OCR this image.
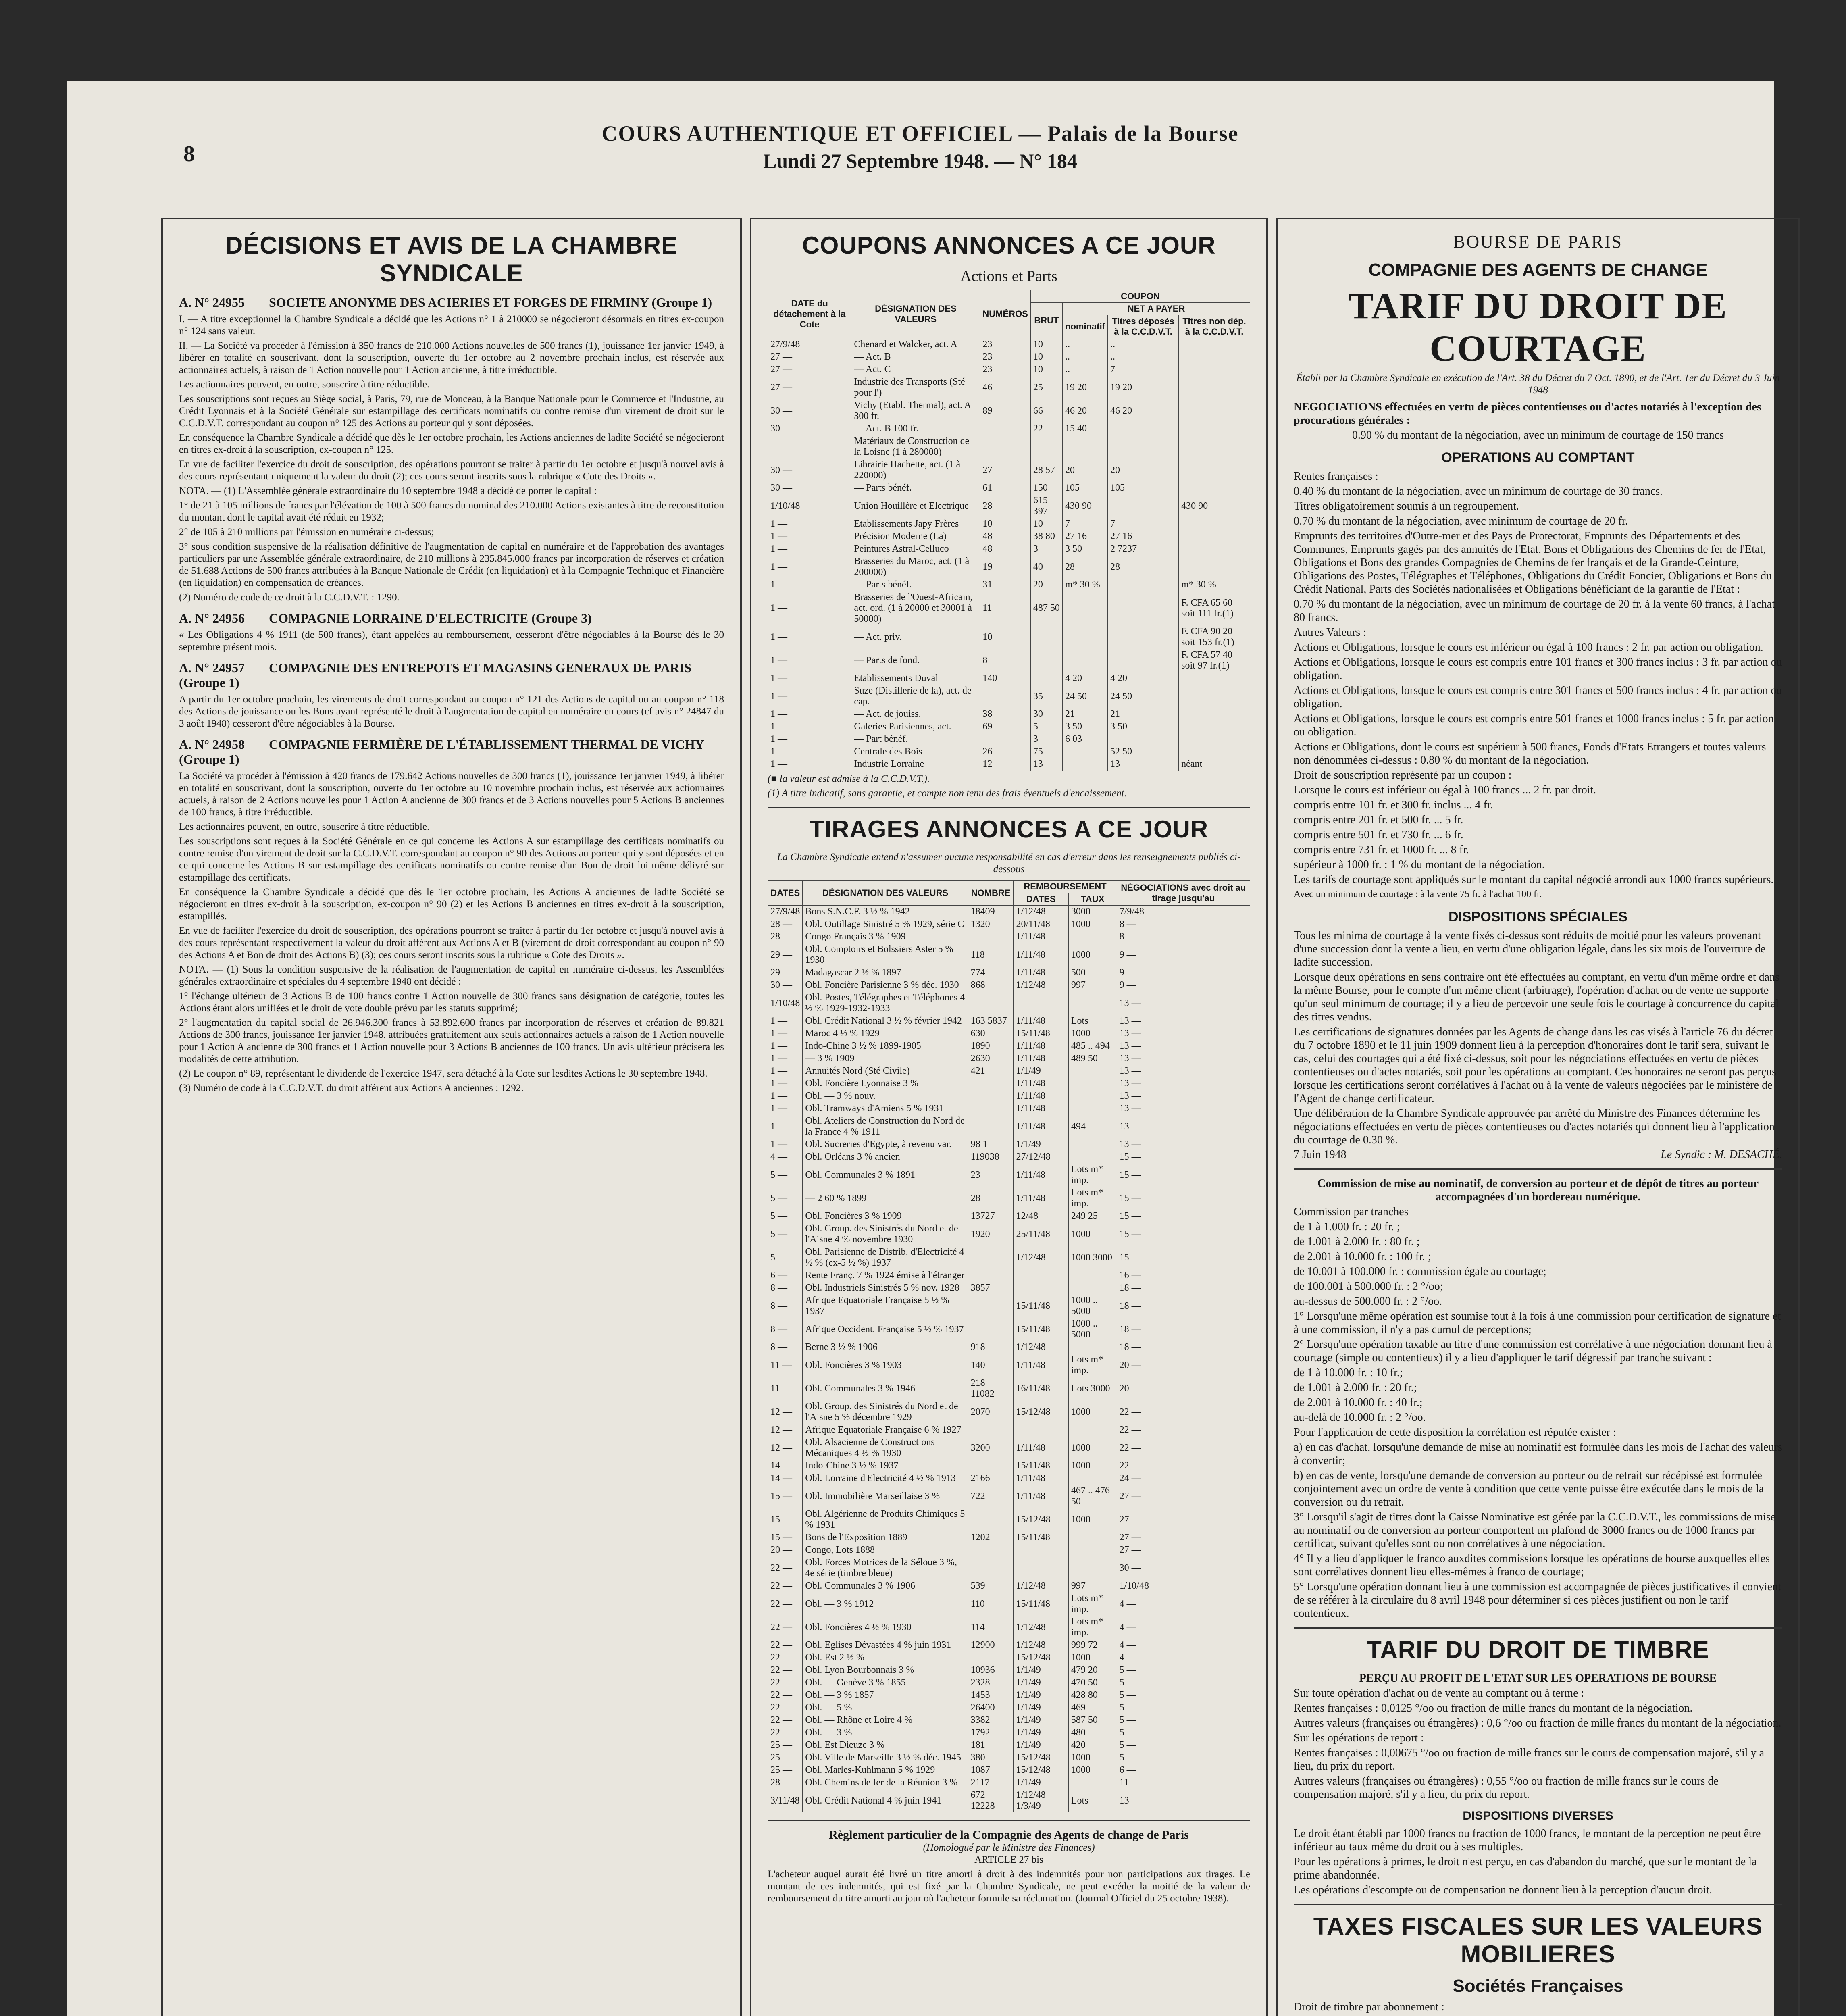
8
COURS AUTHENTIQUE ET OFFICIEL — Palais de la Bourse
Lundi 27 Septembre 1948. — N° 184
DÉCISIONS ET AVIS DE LA CHAMBRE SYNDICALE
A. N° 24955 SOCIETE ANONYME DES ACIERIES ET FORGES DE FIRMINY (Groupe 1)

I. — A titre exceptionnel la Chambre Syndicale a décidé que les Actions n° 1 à 210000 se négocieront désormais en titres ex-coupon n° 124 sans valeur.

II. — La Société va procéder à l'émission à 350 francs de 210.000 Actions nouvelles de 500 francs (1), jouissance 1er janvier 1949, à libérer en totalité en souscrivant, dont la souscription, ouverte du 1er octobre au 2 novembre prochain inclus, est réservée aux actionnaires actuels, à raison de 1 Action nouvelle pour 1 Action ancienne, à titre irréductible.

Les actionnaires peuvent, en outre, souscrire à titre réductible.

Les souscriptions sont reçues au Siège social, à Paris, 79, rue de Monceau, à la Banque Nationale pour le Commerce et l'Industrie, au Crédit Lyonnais et à la Société Générale sur estampillage des certificats nominatifs ou contre remise d'un virement de droit sur le C.C.D.V.T. correspondant au coupon n° 125 des Actions au porteur qui y sont déposées.

En conséquence la Chambre Syndicale a décidé que dès le 1er octobre prochain, les Actions anciennes de ladite Société se négocieront en titres ex-droit à la souscription, ex-coupon n° 125.

En vue de faciliter l'exercice du droit de souscription, des opérations pourront se traiter à partir du 1er octobre et jusqu'à nouvel avis à des cours représentant uniquement la valeur du droit (2); ces cours seront inscrits sous la rubrique « Cote des Droits ».

NOTA. — (1) L'Assemblée générale extraordinaire du 10 septembre 1948 a décidé de porter le capital :

1° de 21 à 105 millions de francs par l'élévation de 100 à 500 francs du nominal des 210.000 Actions existantes à titre de reconstitution du montant dont le capital avait été réduit en 1932;

2° de 105 à 210 millions par l'émission en numéraire ci-dessus;

3° sous condition suspensive de la réalisation définitive de l'augmentation de capital en numéraire et de l'approbation des avantages particuliers par une Assemblée générale extraordinaire, de 210 millions à 235.845.000 francs par incorporation de réserves et création de 51.688 Actions de 500 francs attribuées à la Banque Nationale de Crédit (en liquidation) et à la Compagnie Technique et Financière (en liquidation) en compensation de créances.

(2) Numéro de code de ce droit à la C.C.D.V.T. : 1290.

A. N° 24956 COMPAGNIE LORRAINE D'ELECTRICITE (Groupe 3)

« Les Obligations 4 % 1911 (de 500 francs), étant appelées au remboursement, cesseront d'être négociables à la Bourse dès le 30 septembre présent mois.

A. N° 24957 COMPAGNIE DES ENTREPOTS ET MAGASINS GENERAUX DE PARIS (Groupe 1)

A partir du 1er octobre prochain, les virements de droit correspondant au coupon n° 121 des Actions de capital ou au coupon n° 118 des Actions de jouissance ou les Bons ayant représenté le droit à l'augmentation de capital en numéraire en cours (cf avis n° 24847 du 3 août 1948) cesseront d'être négociables à la Bourse.

A. N° 24958 COMPAGNIE FERMIÈRE DE L'ÉTABLISSEMENT THERMAL DE VICHY (Groupe 1)

La Société va procéder à l'émission à 420 francs de 179.642 Actions nouvelles de 300 francs (1), jouissance 1er janvier 1949, à libérer en totalité en souscrivant, dont la souscription, ouverte du 1er octobre au 10 novembre prochain inclus, est réservée aux actionnaires actuels, à raison de 2 Actions nouvelles pour 1 Action A ancienne de 300 francs et de 3 Actions nouvelles pour 5 Actions B anciennes de 100 francs, à titre irréductible.

Les actionnaires peuvent, en outre, souscrire à titre réductible.

Les souscriptions sont reçues à la Société Générale en ce qui concerne les Actions A sur estampillage des certificats nominatifs ou contre remise d'un virement de droit sur la C.C.D.V.T. correspondant au coupon n° 90 des Actions au porteur qui y sont déposées et en ce qui concerne les Actions B sur estampillage des certificats nominatifs ou contre remise d'un Bon de droit lui-même délivré sur estampillage des certificats.

En conséquence la Chambre Syndicale a décidé que dès le 1er octobre prochain, les Actions A anciennes de ladite Société se négocieront en titres ex-droit à la souscription, ex-coupon n° 90 (2) et les Actions B anciennes en titres ex-droit à la souscription, estampillés.

En vue de faciliter l'exercice du droit de souscription, des opérations pourront se traiter à partir du 1er octobre et jusqu'à nouvel avis à des cours représentant respectivement la valeur du droit afférent aux Actions A et B (virement de droit correspondant au coupon n° 90 des Actions A et Bon de droit des Actions B) (3); ces cours seront inscrits sous la rubrique « Cote des Droits ».

NOTA. — (1) Sous la condition suspensive de la réalisation de l'augmentation de capital en numéraire ci-dessus, les Assemblées générales extraordinaire et spéciales du 4 septembre 1948 ont décidé :

1° l'échange ultérieur de 3 Actions B de 100 francs contre 1 Action nouvelle de 300 francs sans désignation de catégorie, toutes les Actions étant alors unifiées et le droit de vote double prévu par les statuts supprimé;

2° l'augmentation du capital social de 26.946.300 francs à 53.892.600 francs par incorporation de réserves et création de 89.821 Actions de 300 francs, jouissance 1er janvier 1948, attribuées gratuitement aux seuls actionnaires actuels à raison de 1 Action nouvelle pour 1 Action A ancienne de 300 francs et 1 Action nouvelle pour 3 Actions B anciennes de 100 francs. Un avis ultérieur précisera les modalités de cette attribution.

(2) Le coupon n° 89, représentant le dividende de l'exercice 1947, sera détaché à la Cote sur lesdites Actions le 30 septembre 1948.

(3) Numéro de code à la C.C.D.V.T. du droit afférent aux Actions A anciennes : 1292.

COUPONS ANNONCES A CE JOUR
Actions et Parts
DATE du détachement à la Cote	DÉSIGNATION DES VALEURS	NUMÉROS	COUPON			
			BRUT	NET A PAYER		
				nominatif	Titres déposés à la C.C.D.V.T.	Titres non dép. à la C.C.D.V.T.
27/9/48	Chenard et Walcker, act. A	23	10	..	..	
27 —	— Act. B	23	10	..	..	
27 —	— Act. C	23	10	..	7	
27 —	Industrie des Transports (Sté pour l')	46	25	19 20	19 20	
30 —	Vichy (Etabl. Thermal), act. A 300 fr.	89	66	46 20	46 20	
30 —	— Act. B 100 fr.		22	15 40		
	Matériaux de Construction de la Loisne (1 à 280000)					
30 —	Librairie Hachette, act. (1 à 220000)	27	28 57	20	20	
30 —	— Parts bénéf.	61	150	105	105	
1/10/48	Union Houillère et Electrique	28	615 397	430 90		430 90
1 —	Etablissements Japy Frères	10	10	7	7	
1 —	Précision Moderne (La)	48	38 80	27 16	27 16	
1 —	Peintures Astral-Celluco	48	3	3 50	2 7237	
1 —	Brasseries du Maroc, act. (1 à 200000)	19	40	28	28	
1 —	— Parts bénéf.	31	20	m* 30 %		m* 30 %
1 —	Brasseries de l'Ouest-Africain, act. ord. (1 à 20000 et 30001 à 50000)	11	487 50			F. CFA 65 60 soit 111 fr.(1)
1 —	— Act. priv.	10				F. CFA 90 20 soit 153 fr.(1)
1 —	— Parts de fond.	8				F. CFA 57 40 soit 97 fr.(1)
1 —	Etablissements Duval	140		4 20	4 20	
1 —	Suze (Distillerie de la), act. de cap.		35	24 50	24 50	
1 —	— Act. de jouiss.	38	30	21	21	
1 —	Galeries Parisiennes, act.	69	5	3 50	3 50	
1 —	— Part bénéf.		3	6 03		
1 —	Centrale des Bois	26	75		52 50	
1 —	Industrie Lorraine	12	13		13	néant

(■ la valeur est admise à la C.C.D.V.T.).

(1) A titre indicatif, sans garantie, et compte non tenu des frais éventuels d'encaissement.

TIRAGES ANNONCES A CE JOUR
La Chambre Syndicale entend n'assumer aucune responsabilité en cas d'erreur dans les renseignements publiés ci-dessous
DATES	DÉSIGNATION DES VALEURS	NOMBRE	REMBOURSEMENT		NÉGOCIATIONS avec droit au tirage jusqu'au
			DATES	TAUX	
27/9/48	Bons S.N.C.F. 3 ½ % 1942	18409	1/12/48	3000	7/9/48
28 —	Obl. Outillage Sinistré 5 % 1929, série C	1320	20/11/48	1000	8 —
28 —	Congo Français 3 % 1909		1/11/48		8 —
29 —	Obl. Comptoirs et Bolssiers Aster 5 % 1930	118	1/11/48	1000	9 —
29 —	Madagascar 2 ½ % 1897	774	1/11/48	500	9 —
30 —	Obl. Foncière Parisienne 3 % déc. 1930	868	1/12/48	997	9 —
1/10/48	Obl. Postes, Télégraphes et Téléphones 4 ½ % 1929-1932-1933				13 —
1 —	Obl. Crédit National 3 ½ % février 1942	163 5837	1/11/48	Lots	13 —
1 —	Maroc 4 ½ % 1929	630	15/11/48	1000	13 —
1 —	Indo-Chine 3 ½ % 1899-1905	1890	1/11/48	485 .. 494	13 —
1 —	— 3 % 1909	2630	1/11/48	489 50	13 —
1 —	Annuités Nord (Sté Civile)	421	1/1/49		13 —
1 —	Obl. Foncière Lyonnaise 3 %		1/11/48		13 —
1 —	Obl. — 3 % nouv.		1/11/48		13 —
1 —	Obl. Tramways d'Amiens 5 % 1931		1/11/48		13 —
1 —	Obl. Ateliers de Construction du Nord de la France 4 % 1911		1/11/48	494	13 —
1 —	Obl. Sucreries d'Egypte, à revenu var.	98 1	1/1/49		13 —
4 —	Obl. Orléans 3 % ancien	119038	27/12/48		15 —
5 —	Obl. Communales 3 % 1891	23	1/11/48	Lots m* imp.	15 —
5 —	— 2 60 % 1899	28	1/11/48	Lots m* imp.	15 —
5 —	Obl. Foncières 3 % 1909	13727	12/48	249 25	15 —
5 —	Obl. Group. des Sinistrés du Nord et de l'Aisne 4 % novembre 1930	1920	25/11/48	1000	15 —
5 —	Obl. Parisienne de Distrib. d'Electricité 4 ½ % (ex-5 ½ %) 1937		1/12/48	1000 3000	15 —
6 —	Rente Franç. 7 % 1924 émise à l'étranger				16 —
8 —	Obl. Industriels Sinistrés 5 % nov. 1928	3857			18 —
8 —	Afrique Equatoriale Française 5 ½ % 1937		15/11/48	1000 .. 5000	18 —
8 —	Afrique Occident. Française 5 ½ % 1937		15/11/48	1000 .. 5000	18 —
8 —	Berne 3 ½ % 1906	918	1/12/48		18 —
11 —	Obl. Foncières 3 % 1903	140	1/11/48	Lots m* imp.	20 —
11 —	Obl. Communales 3 % 1946	218 11082	16/11/48	Lots 3000	20 —
12 —	Obl. Group. des Sinistrés du Nord et de l'Aisne 5 % décembre 1929	2070	15/12/48	1000	22 —
12 —	Afrique Equatoriale Française 6 % 1927				22 —
12 —	Obl. Alsacienne de Constructions Mécaniques 4 ½ % 1930	3200	1/11/48	1000	22 —
14 —	Indo-Chine 3 ½ % 1937		15/11/48	1000	22 —
14 —	Obl. Lorraine d'Electricité 4 ½ % 1913	2166	1/11/48		24 —
15 —	Obl. Immobilière Marseillaise 3 %	722	1/11/48	467 .. 476 50	27 —
15 —	Obl. Algérienne de Produits Chimiques 5 % 1931		15/12/48	1000	27 —
15 —	Bons de l'Exposition 1889	1202	15/11/48		27 —
20 —	Congo, Lots 1888				27 —
22 —	Obl. Forces Motrices de la Séloue 3 %, 4e série (timbre bleue)				30 —
22 —	Obl. Communales 3 % 1906	539	1/12/48	997	1/10/48
22 —	Obl. — 3 % 1912	110	15/11/48	Lots m* imp.	4 —
22 —	Obl. Foncières 4 ½ % 1930	114	1/12/48	Lots m* imp.	4 —
22 —	Obl. Eglises Dévastées 4 % juin 1931	12900	1/12/48	999 72	4 —
22 —	Obl. Est 2 ½ %		15/12/48	1000	4 —
22 —	Obl. Lyon Bourbonnais 3 %	10936	1/1/49	479 20	5 —
22 —	Obl. — Genève 3 % 1855	2328	1/1/49	470 50	5 —
22 —	Obl. — 3 % 1857	1453	1/1/49	428 80	5 —
22 —	Obl. — 5 %	26400	1/1/49	469	5 —
22 —	Obl. — Rhône et Loire 4 %	3382	1/1/49	587 50	5 —
22 —	Obl. — 3 %	1792	1/1/49	480	5 —
25 —	Obl. Est Dieuze 3 %	181	1/1/49	420	5 —
25 —	Obl. Ville de Marseille 3 ½ % déc. 1945	380	15/12/48	1000	5 —
25 —	Obl. Marles-Kuhlmann 5 % 1929	1087	15/12/48	1000	6 —
28 —	Obl. Chemins de fer de la Réunion 3 %	2117	1/1/49		11 —
3/11/48	Obl. Crédit National 4 % juin 1941	672 12228	1/12/48 1/3/49	Lots	13 —
Règlement particulier de la Compagnie des Agents de change de Paris
(Homologué par le Ministre des Finances)
ARTICLE 27 bis

L'acheteur auquel aurait été livré un titre amorti à droit à des indemnités pour non participations aux tirages. Le montant de ces indemnités, qui est fixé par la Chambre Syndicale, ne peut excéder la moitié de la valeur de remboursement du titre amorti au jour où l'acheteur formule sa réclamation. (Journal Officiel du 25 octobre 1938).

BOURSE DE PARIS
COMPAGNIE DES AGENTS DE CHANGE
TARIF DU DROIT DE COURTAGE
Établi par la Chambre Syndicale en exécution de l'Art. 38 du Décret du 7 Oct. 1890, et de l'Art. 1er du Décret du 3 Juin 1948
NEGOCIATIONS effectuées en vertu de pièces contentieuses ou d'actes notariés à l'exception des procurations générales :
0.90 % du montant de la négociation, avec un minimum de courtage de 150 francs
OPERATIONS AU COMPTANT
Rentes françaises :
0.40 % du montant de la négociation, avec un minimum de courtage de 30 francs.
Titres obligatoirement soumis à un regroupement.
0.70 % du montant de la négociation, avec minimum de courtage de 20 fr.
Emprunts des territoires d'Outre-mer et des Pays de Protectorat, Emprunts des Départements et des Communes, Emprunts gagés par des annuités de l'Etat, Bons et Obligations des Chemins de fer de l'Etat, Obligations et Bons des grandes Compagnies de Chemins de fer français et de la Grande-Ceinture, Obligations des Postes, Télégraphes et Téléphones, Obligations du Crédit Foncier, Obligations et Bons du Crédit National, Parts des Sociétés nationalisées et Obligations bénéficiant de la garantie de l'Etat :
0.70 % du montant de la négociation, avec un minimum de courtage de 20 fr. à la vente 60 francs, à l'achat 80 francs.
Autres Valeurs :
Actions et Obligations, lorsque le cours est inférieur ou égal à 100 francs : 2 fr. par action ou obligation.
Actions et Obligations, lorsque le cours est compris entre 101 francs et 300 francs inclus : 3 fr. par action ou obligation.
Actions et Obligations, lorsque le cours est compris entre 301 francs et 500 francs inclus : 4 fr. par action ou obligation.
Actions et Obligations, lorsque le cours est compris entre 501 francs et 1000 francs inclus : 5 fr. par action ou obligation.
Actions et Obligations, dont le cours est supérieur à 500 francs, Fonds d'Etats Etrangers et toutes valeurs non dénommées ci-dessus : 0.80 % du montant de la négociation.
Droit de souscription représenté par un coupon :
Lorsque le cours est inférieur ou égal à 100 francs ... 2 fr. par droit.
compris entre 101 fr. et 300 fr. inclus ... 4 fr.
compris entre 201 fr. et 500 fr. ... 5 fr.
compris entre 501 fr. et 730 fr. ... 6 fr.
compris entre 731 fr. et 1000 fr. ... 8 fr.
supérieur à 1000 fr. : 1 % du montant de la négociation.
Les tarifs de courtage sont appliqués sur le montant du capital négocié arrondi aux 1000 francs supérieurs.
Avec un minimum de courtage : à la vente 75 fr. à l'achat 100 fr.
DISPOSITIONS SPÉCIALES
Tous les minima de courtage à la vente fixés ci-dessus sont réduits de moitié pour les valeurs provenant d'une succession dont la vente a lieu, en vertu d'une obligation légale, dans les six mois de l'ouverture de ladite succession.
Lorsque deux opérations en sens contraire ont été effectuées au comptant, en vertu d'un même ordre et dans la même Bourse, pour le compte d'un même client (arbitrage), l'opération d'achat ou de vente ne supporte qu'un seul minimum de courtage; il y a lieu de percevoir une seule fois le courtage à concurrence du capital des titres vendus.
Les certifications de signatures données par les Agents de change dans les cas visés à l'article 76 du décret du 7 octobre 1890 et le 11 juin 1909 donnent lieu à la perception d'honoraires dont le tarif sera, suivant le cas, celui des courtages qui a été fixé ci-dessus, soit pour les négociations effectuées en vertu de pièces contentieuses ou d'actes notariés, soit pour les opérations au comptant. Ces honoraires ne seront pas perçus lorsque les certifications seront corrélatives à l'achat ou à la vente de valeurs négociées par le ministère de l'Agent de change certificateur.
Une délibération de la Chambre Syndicale approuvée par arrêté du Ministre des Finances détermine les négociations effectuées en vertu de pièces contentieuses ou d'actes notariés qui donnent lieu à l'application du courtage de 0.30 %.
7 Juin 1948	Le Syndic : M. DESACHÉ.
Commission de mise au nominatif, de conversion au porteur et de dépôt de titres au porteur accompagnées d'un bordereau numérique.
Commission par tranches
de 1 à 1.000 fr. : 20 fr. ;
de 1.001 à 2.000 fr. : 80 fr. ;
de 2.001 à 10.000 fr. : 100 fr. ;
de 10.001 à 100.000 fr. : commission égale au courtage;
de 100.001 à 500.000 fr. : 2 °/oo;
au-dessus de 500.000 fr. : 2 °/oo.
1° Lorsqu'une même opération est soumise tout à la fois à une commission pour certification de signature et à une commission, il n'y a pas cumul de perceptions;
2° Lorsqu'une opération taxable au titre d'une commission est corrélative à une négociation donnant lieu à courtage (simple ou contentieux) il y a lieu d'appliquer le tarif dégressif par tranche suivant :
de 1 à 10.000 fr. : 10 fr.;
de 1.001 à 2.000 fr. : 20 fr.;
de 2.001 à 10.000 fr. : 40 fr.;
au-delà de 10.000 fr. : 2 °/oo.
Pour l'application de cette disposition la corrélation est réputée exister :
a) en cas d'achat, lorsqu'une demande de mise au nominatif est formulée dans les mois de l'achat des valeurs à convertir;
b) en cas de vente, lorsqu'une demande de conversion au porteur ou de retrait sur récépissé est formulée conjointement avec un ordre de vente à condition que cette vente puisse être exécutée dans le mois de la conversion ou du retrait.
3° Lorsqu'il s'agit de titres dont la Caisse Nominative est gérée par la C.C.D.V.T., les commissions de mise au nominatif ou de conversion au porteur comportent un plafond de 3000 francs ou de 1000 francs par certificat, suivant qu'elles sont ou non corrélatives à une négociation.
4° Il y a lieu d'appliquer le franco auxdites commissions lorsque les opérations de bourse auxquelles elles sont corrélatives donnent lieu elles-mêmes à franco de courtage;
5° Lorsqu'une opération donnant lieu à une commission est accompagnée de pièces justificatives il convient de se référer à la circulaire du 8 avril 1948 pour déterminer si ces pièces justifient ou non le tarif contentieux.
TARIF DU DROIT DE TIMBRE
PERÇU AU PROFIT DE L'ETAT SUR LES OPERATIONS DE BOURSE
Sur toute opération d'achat ou de vente au comptant ou à terme :
Rentes françaises : 0,0125 °/oo ou fraction de mille francs du montant de la négociation.
Autres valeurs (françaises ou étrangères) : 0,6 °/oo ou fraction de mille francs du montant de la négociation.
Sur les opérations de report :
Rentes françaises : 0,00675 °/oo ou fraction de mille francs sur le cours de compensation majoré, s'il y a lieu, du prix du report.
Autres valeurs (françaises ou étrangères) : 0,55 °/oo ou fraction de mille francs sur le cours de compensation majoré, s'il y a lieu, du prix du report.
DISPOSITIONS DIVERSES
Le droit étant établi par 1000 francs ou fraction de 1000 francs, le montant de la perception ne peut être inférieur au taux même du droit ou à ses multiples.
Pour les opérations à primes, le droit n'est perçu, en cas d'abandon du marché, que sur le montant de la prime abandonnée.
Les opérations d'escompte ou de compensation ne donnent lieu à la perception d'aucun droit.
TAXES FISCALES SUR LES VALEURS MOBILIERES
Sociétés Françaises
Droit de timbre par abonnement :
